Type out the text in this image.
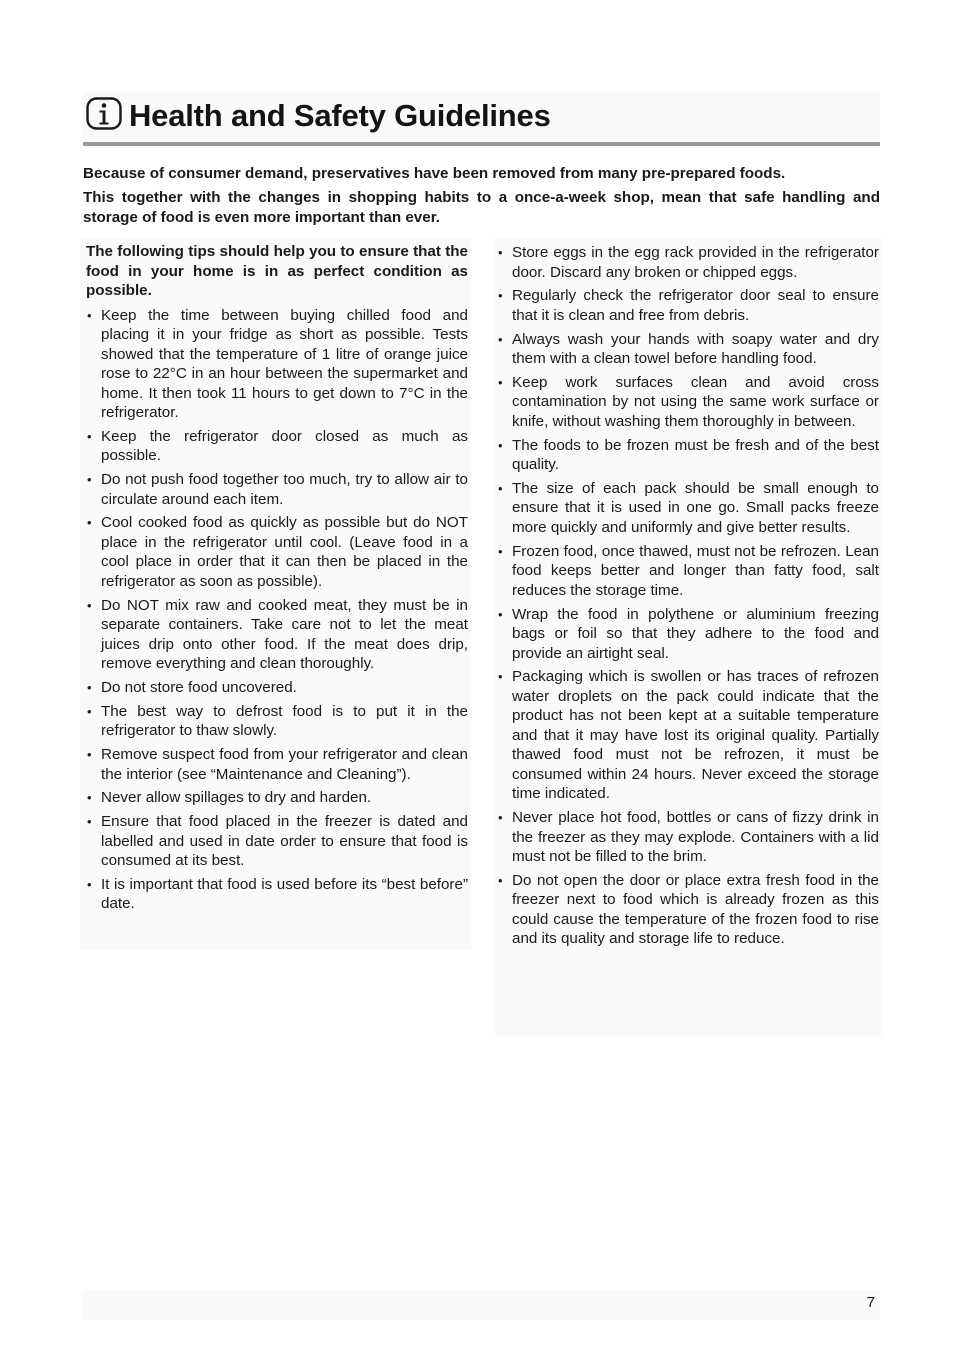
Health and Safety Guidelines

Because of consumer demand, preservatives have been removed from many pre-prepared foods.

This together with the changes in shopping habits to a once-a-week shop, mean that safe handling and storage of food is even more important than ever.

The following tips should help you to ensure that the food in your home is in as perfect condition as possible.

• Keep the time between buying chilled food and placing it in your fridge as short as possible. Tests showed that the temperature of 1 litre of orange juice rose to 22°C in an hour between the supermarket and home. It then took 11 hours to get down to 7°C in the refrigerator.
• Keep the refrigerator door closed as much as possible.
• Do not push food together too much, try to allow air to circulate around each item.
• Cool cooked food as quickly as possible but do NOT place in the refrigerator until cool. (Leave food in a cool place in order that it can then be placed in the refrigerator as soon as possible).
• Do NOT mix raw and cooked meat, they must be in separate containers. Take care not to let the meat juices drip onto other food. If the meat does drip, remove everything and clean thoroughly.
• Do not store food uncovered.
• The best way to defrost food is to put it in the refrigerator to thaw slowly.
• Remove suspect food from your refrigerator and clean the interior (see “Maintenance and Cleaning”).
• Never allow spillages to dry and harden.
• Ensure that food placed in the freezer is dated and labelled and used in date order to ensure that food is consumed at its best.
• It is important that food is used before its “best before” date.
• Store eggs in the egg rack provided in the refrigerator door. Discard any broken or chipped eggs.
• Regularly check the refrigerator door seal to ensure that it is clean and free from debris.
• Always wash your hands with soapy water and dry them with a clean towel before handling food.
• Keep work surfaces clean and avoid cross contamination by not using the same work surface or knife, without washing them thoroughly in between.
• The foods to be frozen must be fresh and of the best quality.
• The size of each pack should be small enough to ensure that it is used in one go. Small packs freeze more quickly and uniformly and give better results.
• Frozen food, once thawed, must not be refrozen. Lean food keeps better and longer than fatty food, salt reduces the storage time.
• Wrap the food in polythene or aluminium freezing bags or foil so that they adhere to the food and provide an airtight seal.
• Packaging which is swollen or has traces of refrozen water droplets on the pack could indicate that the product has not been kept at a suitable temperature and that it may have lost its original quality. Partially thawed food must not be refrozen, it must be consumed within 24 hours. Never exceed the storage time indicated.
• Never place hot food, bottles or cans of fizzy drink in the freezer as they may explode. Containers with a lid must not be filled to the brim.
• Do not open the door or place extra fresh food in the freezer next to food which is already frozen as this could cause the temperature of the frozen food to rise and its quality and storage life to reduce.
7
